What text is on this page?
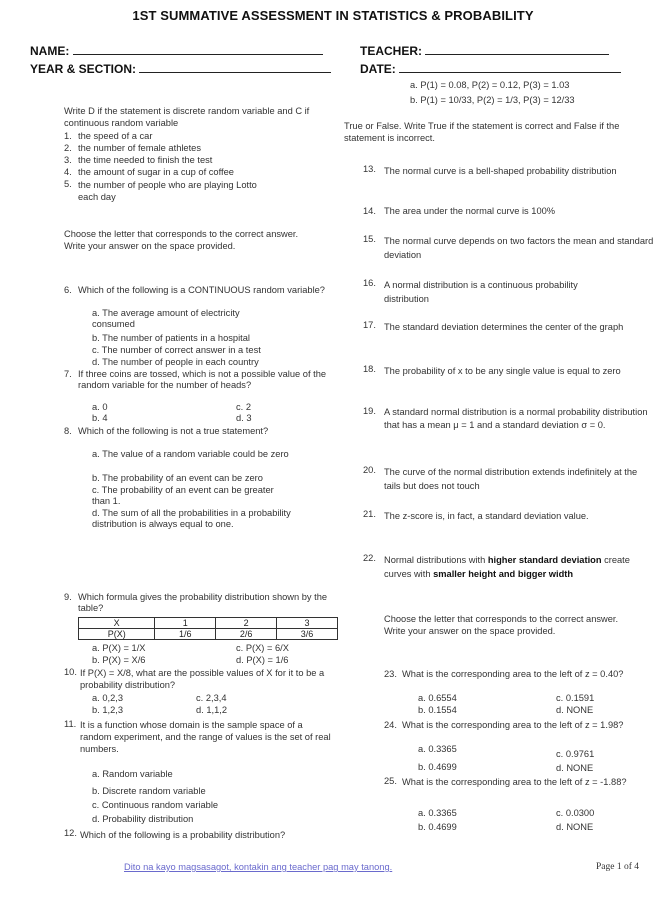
1ST SUMMATIVE ASSESSMENT IN STATISTICS & PROBABILITY
NAME:	TEACHER:
YEAR & SECTION:	DATE:
a. P(1) = 0.08, P(2) = 0.12, P(3) = 1.03
b. P(1) = 10/33, P(2) = 1/3, P(3) = 12/33
Write D if the statement is discrete random variable and C if continuous random variable
1. the speed of a car
2. the number of female athletes
3. the time needed to finish the test
4. the amount of sugar in a cup of coffee
5. the number of people who are playing Lotto each day
Choose the letter that corresponds to the correct answer. Write your answer on the space provided.
6. Which of the following is a CONTINUOUS random variable?
a. The average amount of electricity consumed
b. The number of patients in a hospital
c. The number of correct answer in a test
d. The number of people in each country
7. If three coins are tossed, which is not a possible value of the random variable for the number of heads?
a. 0
b. 4
c. 2
d. 3
8. Which of the following is not a true statement?
a. The value of a random variable could be zero
b. The probability of an event can be zero
c. The probability of an event can be greater than 1.
d. The sum of all the probabilities in a probability distribution is always equal to one.
9. Which formula gives the probability distribution shown by the table?
X	1	2	3
P(X)	1/6	2/6	3/6
a. P(X) = 1/X
b. P(X) = X/6
c. P(X) = 6/X
d. P(X) = 1/6
10. If P(X) = X/8, what are the possible values of X for it to be a probability distribution?
a. 0,2,3
b. 1,2,3
c. 2,3,4
d. 1,1,2
11. It is a function whose domain is the sample space of a random experiment, and the range of values is the set of real numbers.
a. Random variable
b. Discrete random variable
c. Continuous random variable
d. Probability distribution
12. Which of the following is a probability distribution?
True or False. Write True if the statement is correct and False if the statement is incorrect.
13. The normal curve is a bell-shaped probability distribution
14. The area under the normal curve is 100%
15. The normal curve depends on two factors the mean and standard deviation
16. A normal distribution is a continuous probability distribution
17. The standard deviation determines the center of the graph
18. The probability of x to be any single value is equal to zero
19. A standard normal distribution is a normal probability distribution that has a mean μ = 1 and a standard deviation σ = 0.
20. The curve of the normal distribution extends indefinitely at the tails but does not touch
21. The z-score is, in fact, a standard deviation value.
22. Normal distributions with higher standard deviation create curves with smaller height and bigger width
Choose the letter that corresponds to the correct answer. Write your answer on the space provided.
23. What is the corresponding area to the left of z = 0.40?
a. 0.6554
b. 0.1554
c. 0.1591
d. NONE
24. What is the corresponding area to the left of z = 1.98?
a. 0.3365
b. 0.4699
c. 0.9761
d. NONE
25. What is the corresponding area to the left of z = -1.88?
a. 0.3365
b. 0.4699
c. 0.0300
d. NONE
Dito na kayo magsasagot, kontakin ang teacher pag may tanong.	Page 1 of 4
